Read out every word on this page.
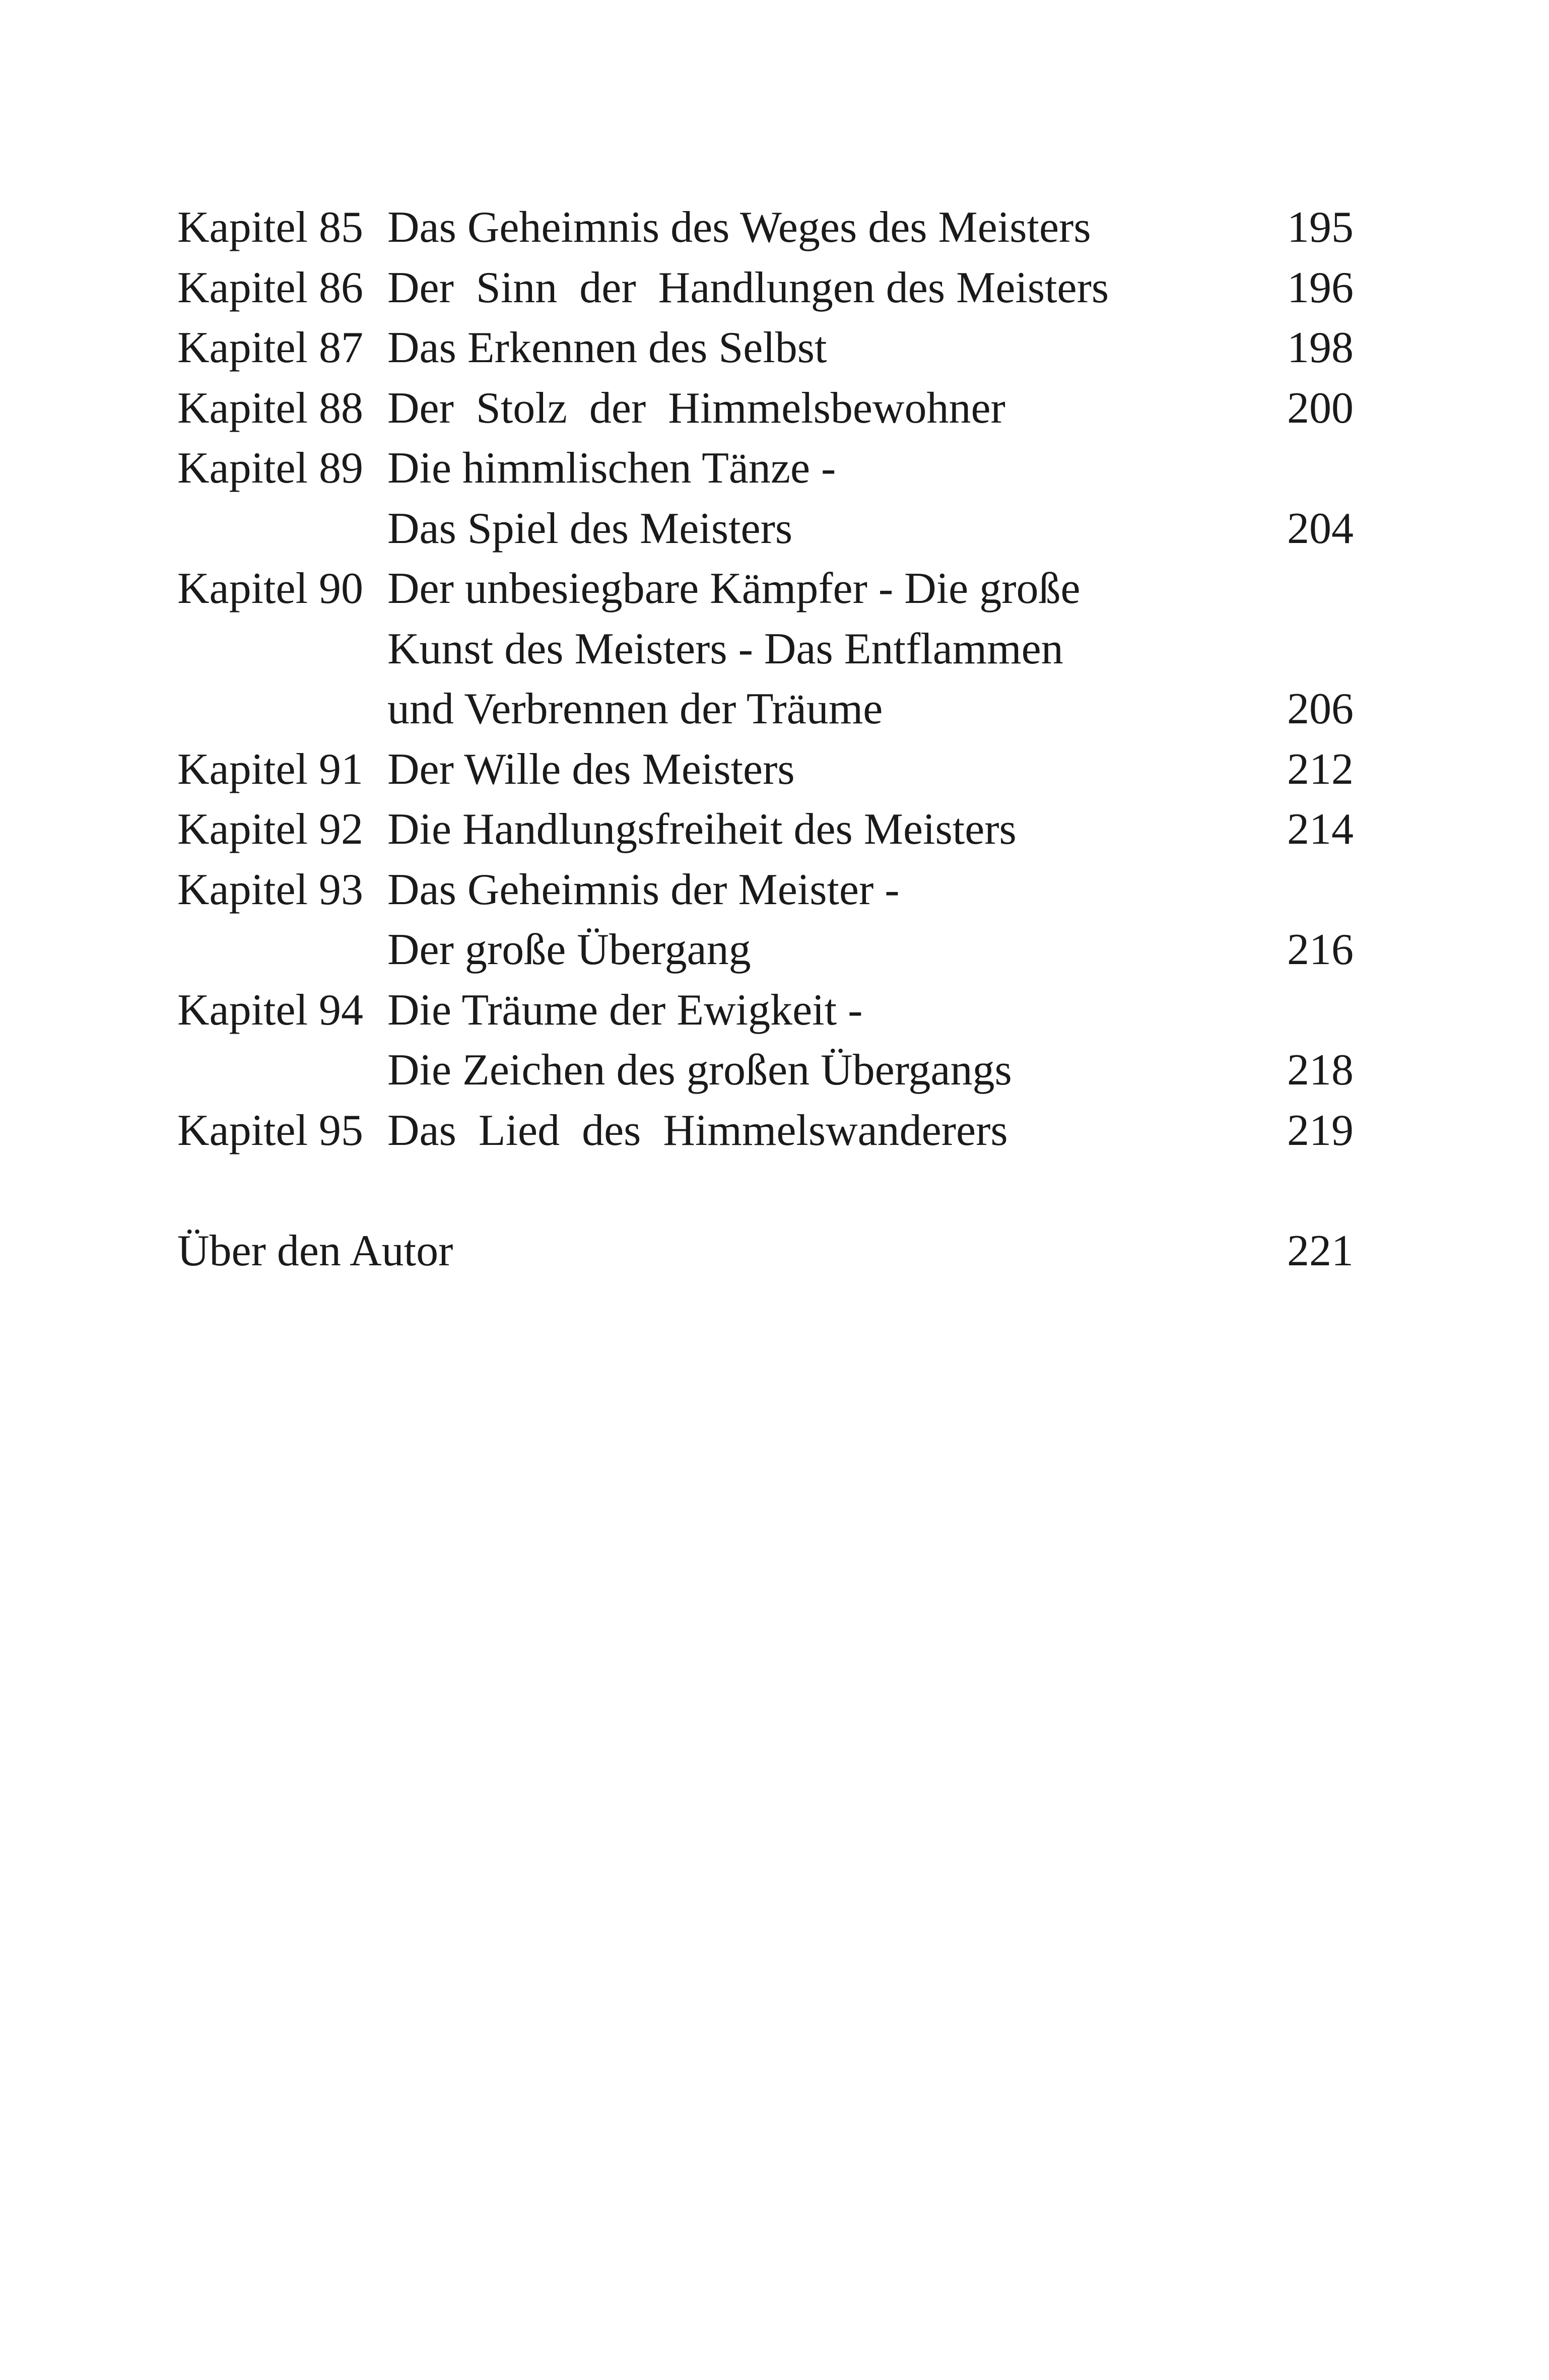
Kapitel 85 Das Geheimnis des Weges des Meisters	195
Kapitel 86 Der  Sinn  der  Handlungen des Meisters	196
Kapitel 87 Das Erkennen des Selbst	198
Kapitel 88 Der  Stolz  der  Himmelsbewohner	200
Kapitel 89 Die himmlischen Tänze -
Das Spiel des Meisters	204
Kapitel 90 Der unbesiegbare Kämpfer - Die große
Kunst des Meisters - Das Entflammen
und Verbrennen der Träume	206
Kapitel 91 Der Wille des Meisters	212
Kapitel 92 Die Handlungsfreiheit des Meisters	214
Kapitel 93 Das Geheimnis der Meister -
Der große Übergang	216
Kapitel 94 Die Träume der Ewigkeit -
Die Zeichen des großen Übergangs	218
Kapitel 95 Das  Lied  des  Himmelswanderers	219
Über den Autor	221
